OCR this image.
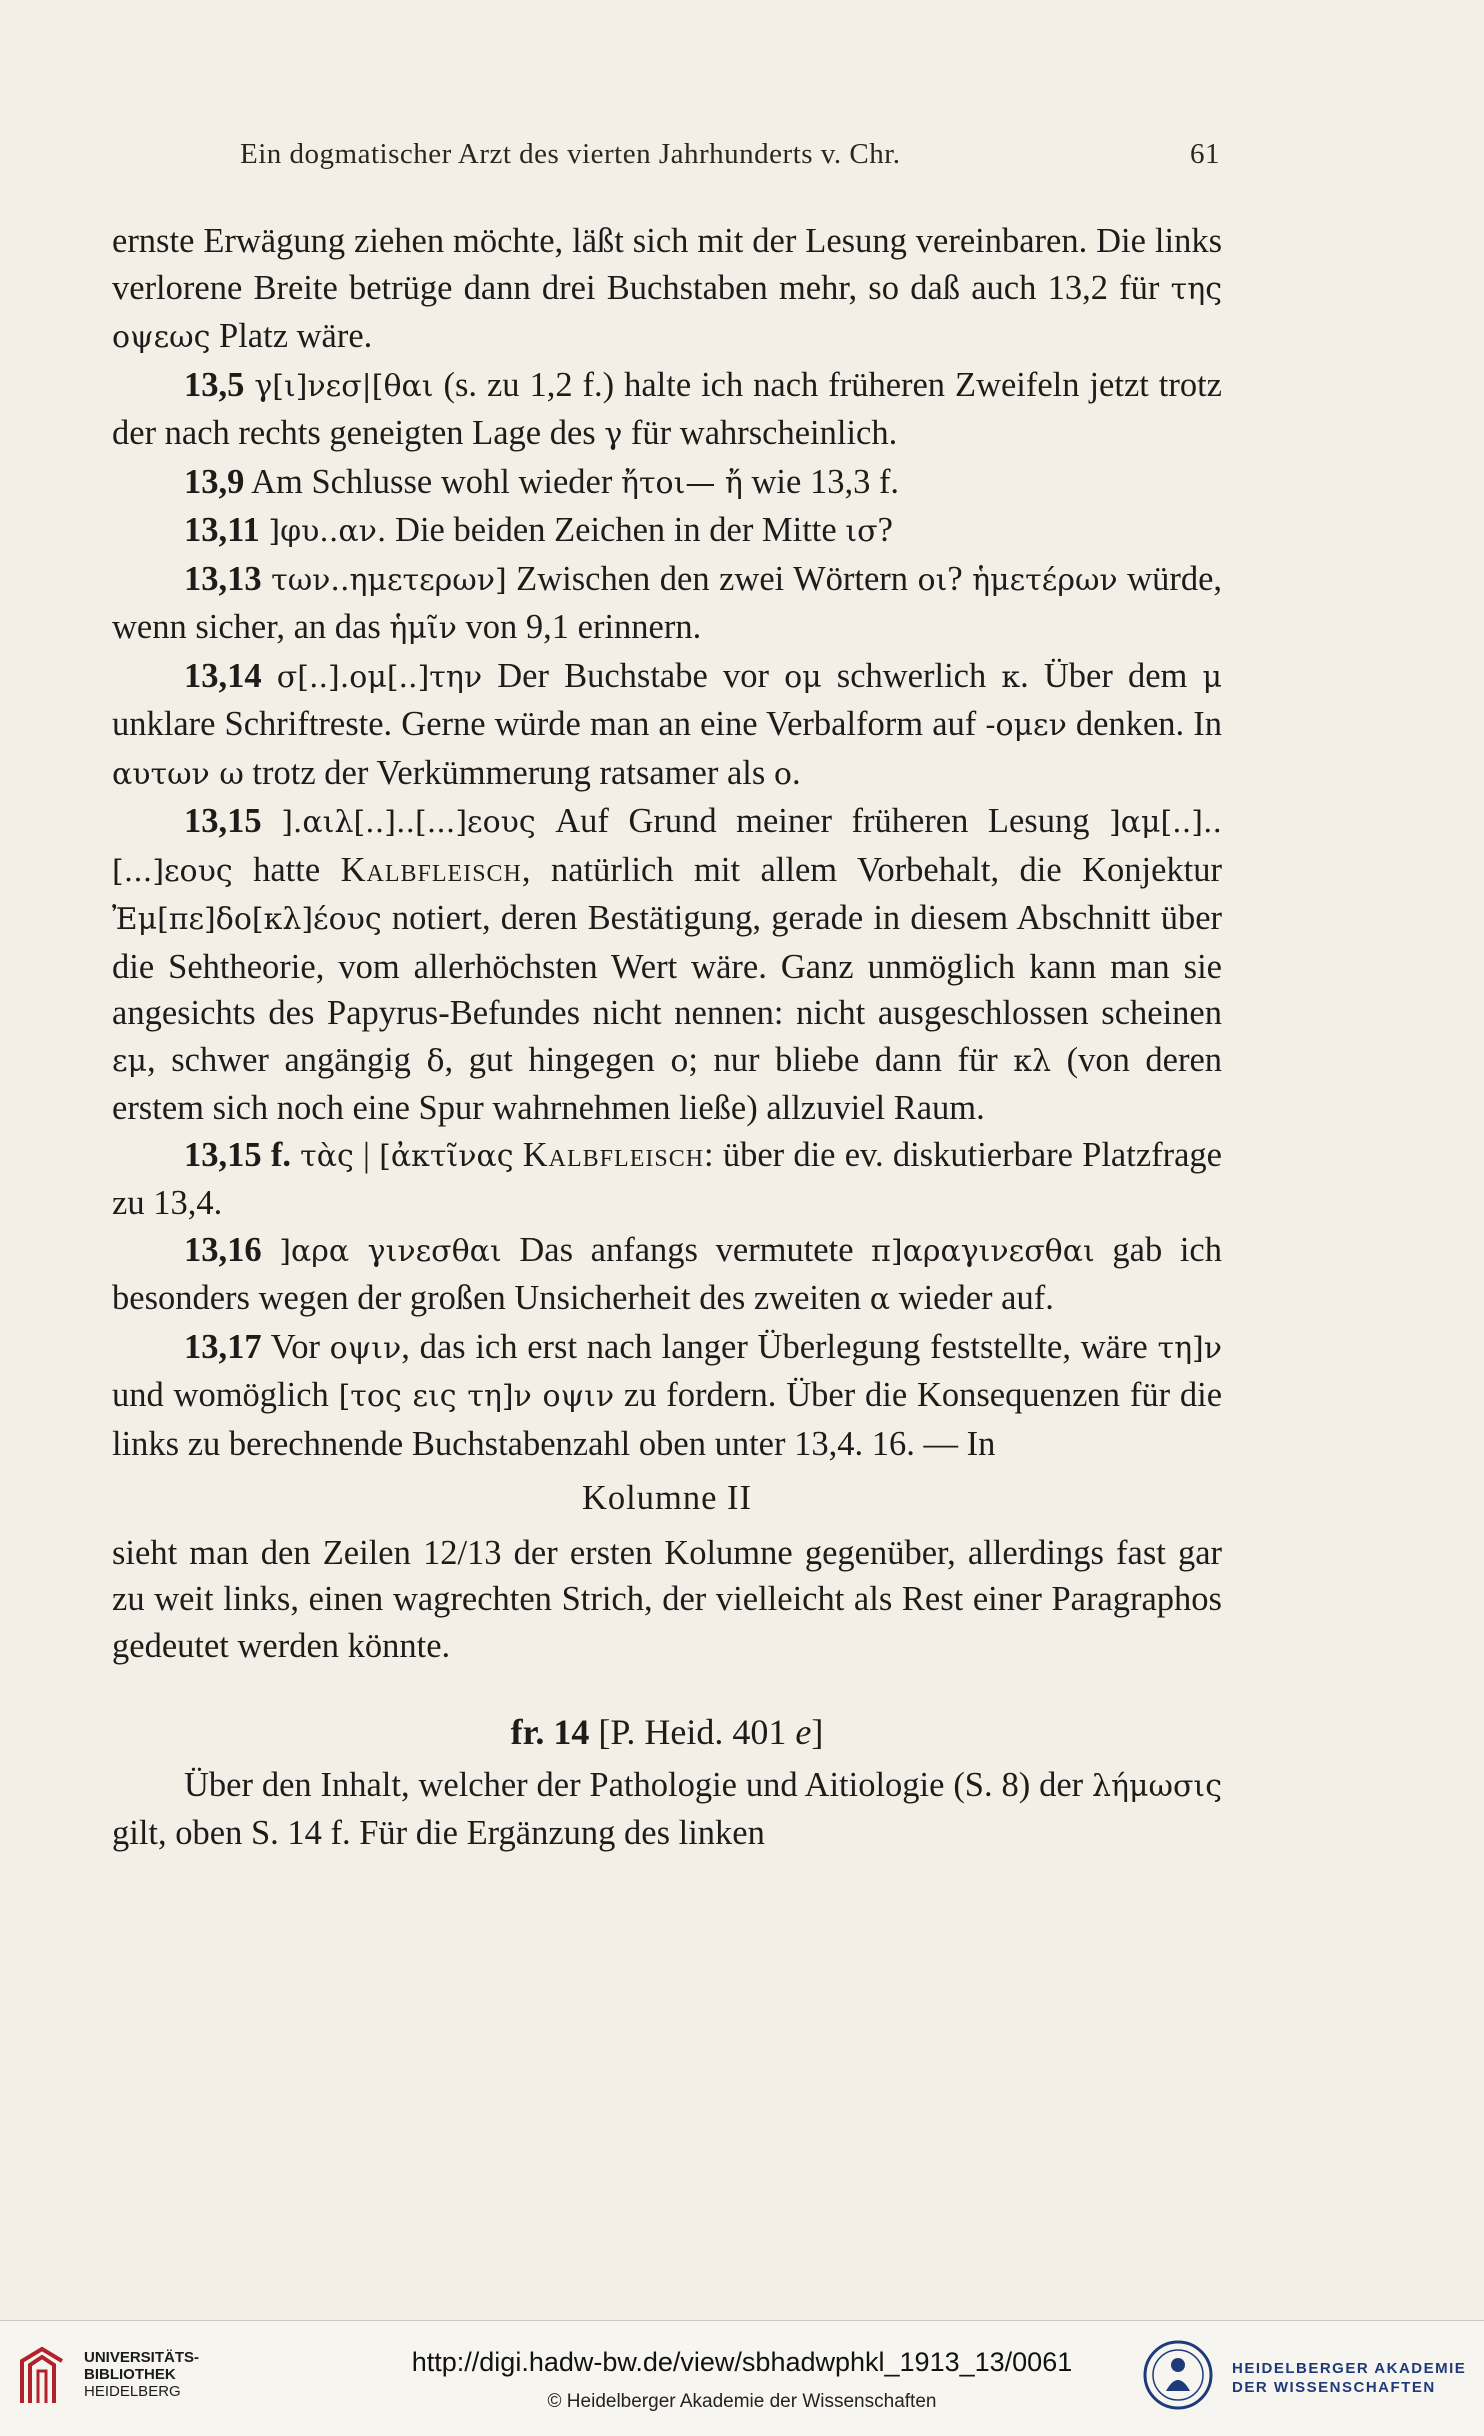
Ein dogmatischer Arzt des vierten Jahrhunderts v. Chr.	61

ernste Erwägung ziehen möchte, läßt sich mit der Lesung vereinbaren. Die links verlorene Breite betrüge dann drei Buchstaben mehr, so daß auch 13,2 für της οψεως Platz wäre.

13,5 γ[ι]νεσ|[θαι (s. zu 1,2 f.) halte ich nach früheren Zweifeln jetzt trotz der nach rechts geneigten Lage des γ für wahrscheinlich.

13,9 Am Schlusse wohl wieder ἤτοι— ἤ wie 13,3 f.

13,11 ]φυ..αν. Die beiden Zeichen in der Mitte ισ?

13,13 των..ημετερων] Zwischen den zwei Wörtern οι? ἡμετέρων würde, wenn sicher, an das ἡμῖν von 9,1 erinnern.

13,14 σ[..].ομ[..]την Der Buchstabe vor ομ schwerlich κ. Über dem μ unklare Schriftreste. Gerne würde man an eine Verbalform auf -ομεν denken. In αυτων ω trotz der Verkümmerung ratsamer als ο.

13,15 ].αιλ[..]..[...]εους Auf Grund meiner früheren Lesung ]αμ[..]..[...]εους hatte Kalbfleisch, natürlich mit allem Vorbehalt, die Konjektur Ἐμ[πε]δο[κλ]έους notiert, deren Bestätigung, gerade in diesem Abschnitt über die Sehtheorie, vom allerhöchsten Wert wäre. Ganz unmöglich kann man sie angesichts des Papyrus-Befundes nicht nennen: nicht ausgeschlossen scheinen εμ, schwer angängig δ, gut hingegen ο; nur bliebe dann für κλ (von deren erstem sich noch eine Spur wahrnehmen ließe) allzuviel Raum.

13,15 f. τὰς | [ἀκτῖνας Kalbfleisch: über die ev. diskutierbare Platzfrage zu 13,4.

13,16 ]αρα γινεσθαι Das anfangs vermutete π]αραγινεσθαι gab ich besonders wegen der großen Unsicherheit des zweiten α wieder auf.

13,17 Vor οψιν, das ich erst nach langer Überlegung feststellte, wäre τη]ν und womöglich [τος εις τη]ν οψιν zu fordern. Über die Konsequenzen für die links zu berechnende Buchstabenzahl oben unter 13,4. 16. — In

Kolumne II

sieht man den Zeilen 12/13 der ersten Kolumne gegenüber, allerdings fast gar zu weit links, einen wagrechten Strich, der vielleicht als Rest einer Paragraphos gedeutet werden könnte.

fr. 14 [P. Heid. 401 e]

Über den Inhalt, welcher der Pathologie und Aitiologie (S. 8) der λήμωσις gilt, oben S. 14 f. Für die Ergänzung des linken

UNIVERSITÄTS-
BIBLIOTHEK
HEIDELBERG
http://digi.hadw-bw.de/view/sbhadwphkl_1913_13/0061
© Heidelberger Akademie der Wissenschaften
HEIDELBERGER AKADEMIE
DER WISSENSCHAFTEN
